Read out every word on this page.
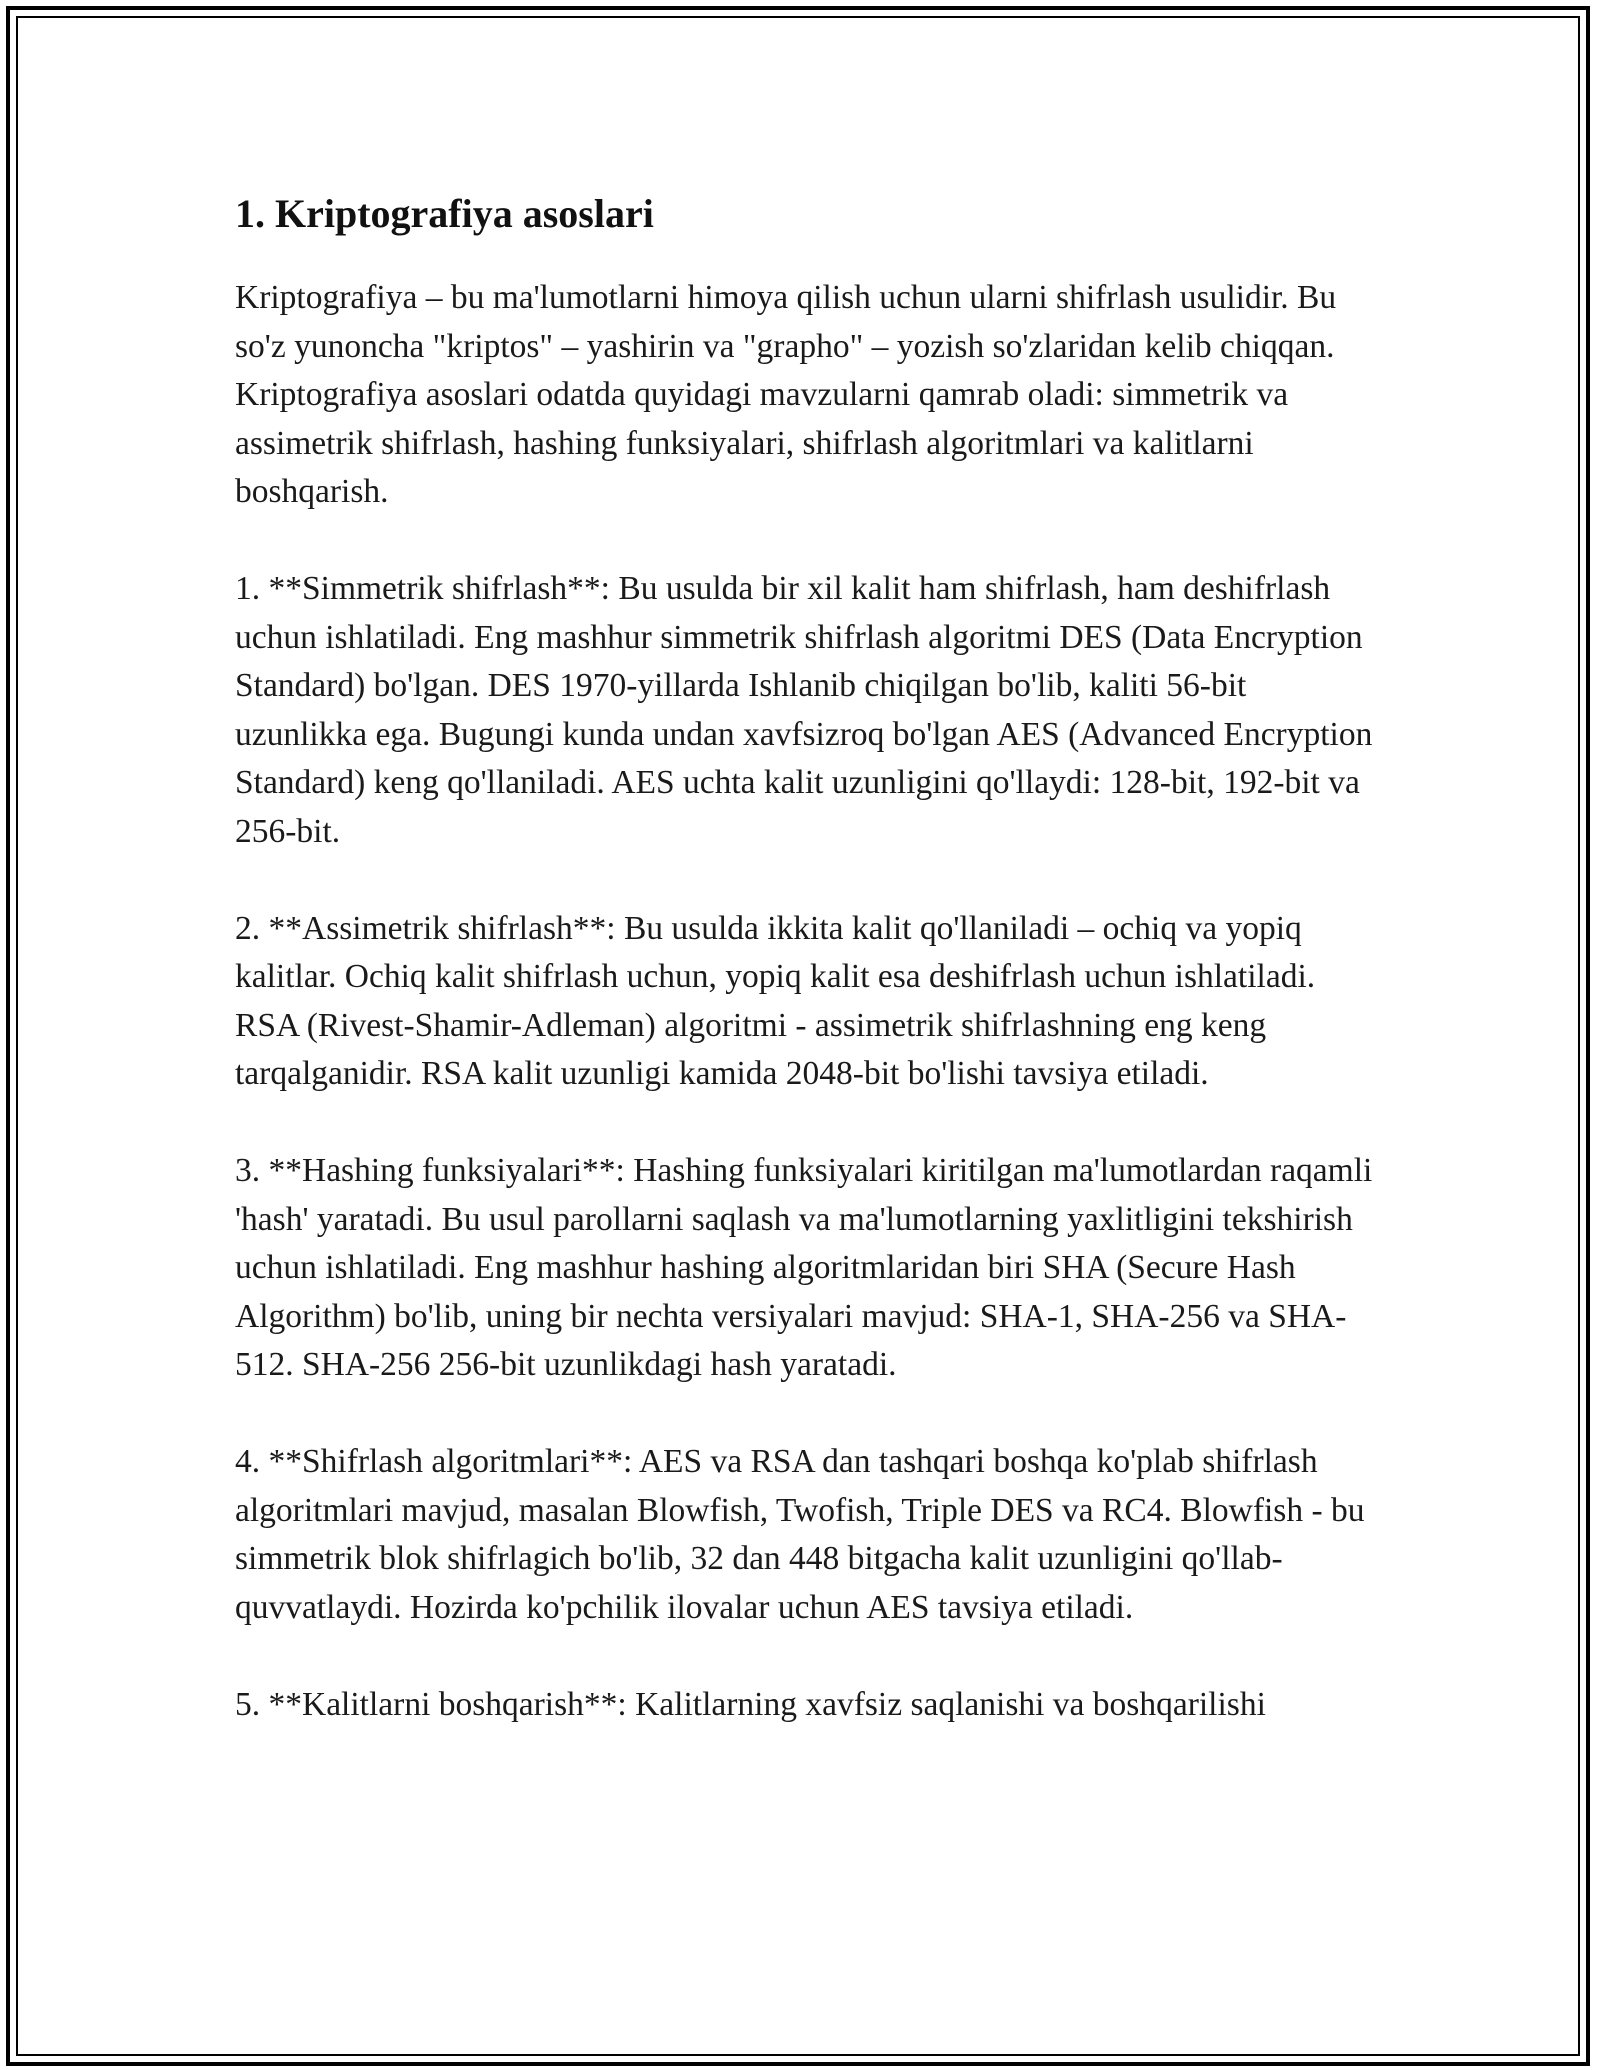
1. Kriptografiya asoslari

Kriptografiya – bu ma'lumotlarni himoya qilish uchun ularni shifrlash usulidir. Bu so'z yunoncha "kriptos" – yashirin va "grapho" – yozish so'zlaridan kelib chiqqan. Kriptografiya asoslari odatda quyidagi mavzularni qamrab oladi: simmetrik va assimetrik shifrlash, hashing funksiyalari, shifrlash algoritmlari va kalitlarni boshqarish.

1. **Simmetrik shifrlash**: Bu usulda bir xil kalit ham shifrlash, ham deshifrlash uchun ishlatiladi. Eng mashhur simmetrik shifrlash algoritmi DES (Data Encryption Standard) bo'lgan. DES 1970-yillarda Ishlanib chiqilgan bo'lib, kaliti 56-bit uzunlikka ega. Bugungi kunda undan xavfsizroq bo'lgan AES (Advanced Encryption Standard) keng qo'llaniladi. AES uchta kalit uzunligini qo'llaydi: 128-bit, 192-bit va 256-bit.

2. **Assimetrik shifrlash**: Bu usulda ikkita kalit qo'llaniladi – ochiq va yopiq kalitlar. Ochiq kalit shifrlash uchun, yopiq kalit esa deshifrlash uchun ishlatiladi. RSA (Rivest-Shamir-Adleman) algoritmi - assimetrik shifrlashning eng keng tarqalganidir. RSA kalit uzunligi kamida 2048-bit bo'lishi tavsiya etiladi.

3. **Hashing funksiyalari**: Hashing funksiyalari kiritilgan ma'lumotlardan raqamli 'hash' yaratadi. Bu usul parollarni saqlash va ma'lumotlarning yaxlitligini tekshirish uchun ishlatiladi. Eng mashhur hashing algoritmlaridan biri SHA (Secure Hash Algorithm) bo'lib, uning bir nechta versiyalari mavjud: SHA-1, SHA-256 va SHA-512. SHA-256 256-bit uzunlikdagi hash yaratadi.

4. **Shifrlash algoritmlari**: AES va RSA dan tashqari boshqa ko'plab shifrlash algoritmlari mavjud, masalan Blowfish, Twofish, Triple DES va RC4. Blowfish - bu simmetrik blok shifrlagich bo'lib, 32 dan 448 bitgacha kalit uzunligini qo'llab-quvvatlaydi. Hozirda ko'pchilik ilovalar uchun AES tavsiya etiladi.

5. **Kalitlarni boshqarish**: Kalitlarning xavfsiz saqlanishi va boshqarilishi
